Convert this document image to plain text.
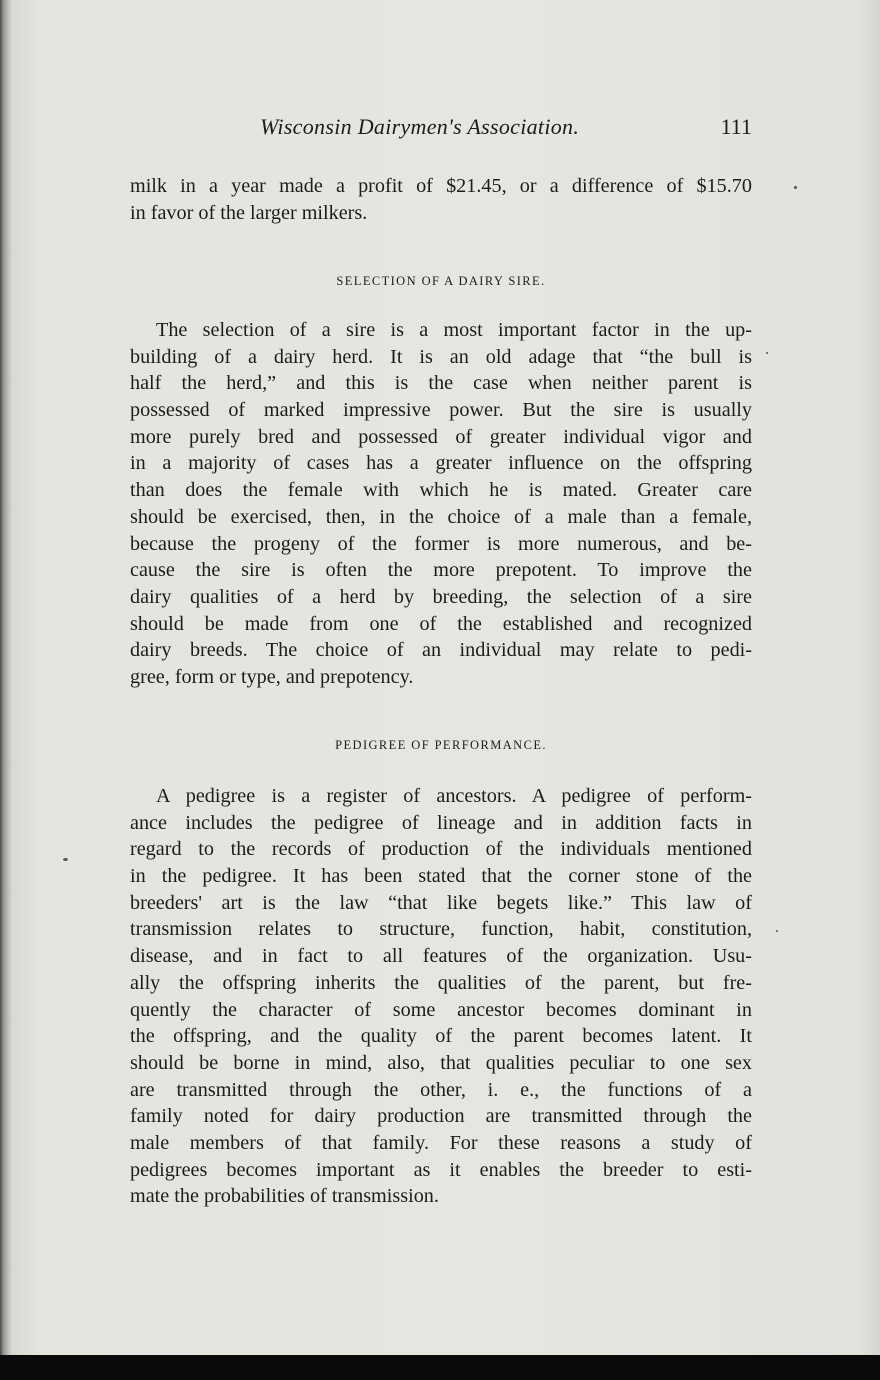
Wisconsin Dairymen's Association.	111

milk in a year made a profit of $21.45, or a difference of $15.70
in favor of the larger milkers.

SELECTION OF A DAIRY SIRE.

The selection of a sire is a most important factor in the up-
building of a dairy herd. It is an old adage that “the bull is
half the herd,” and this is the case when neither parent is
possessed of marked impressive power. But the sire is usually
more purely bred and possessed of greater individual vigor and
in a majority of cases has a greater influence on the offspring
than does the female with which he is mated. Greater care
should be exercised, then, in the choice of a male than a female,
because the progeny of the former is more numerous, and be-
cause the sire is often the more prepotent. To improve the
dairy qualities of a herd by breeding, the selection of a sire
should be made from one of the established and recognized
dairy breeds. The choice of an individual may relate to pedi-
gree, form or type, and prepotency.

PEDIGREE OF PERFORMANCE.

A pedigree is a register of ancestors. A pedigree of perform-
ance includes the pedigree of lineage and in addition facts in
regard to the records of production of the individuals mentioned
in the pedigree. It has been stated that the corner stone of the
breeders' art is the law “that like begets like.” This law of
transmission relates to structure, function, habit, constitution,
disease, and in fact to all features of the organization. Usu-
ally the offspring inherits the qualities of the parent, but fre-
quently the character of some ancestor becomes dominant in
the offspring, and the quality of the parent becomes latent. It
should be borne in mind, also, that qualities peculiar to one sex
are transmitted through the other, i. e., the functions of a
family noted for dairy production are transmitted through the
male members of that family. For these reasons a study of
pedigrees becomes important as it enables the breeder to esti-
mate the probabilities of transmission.
